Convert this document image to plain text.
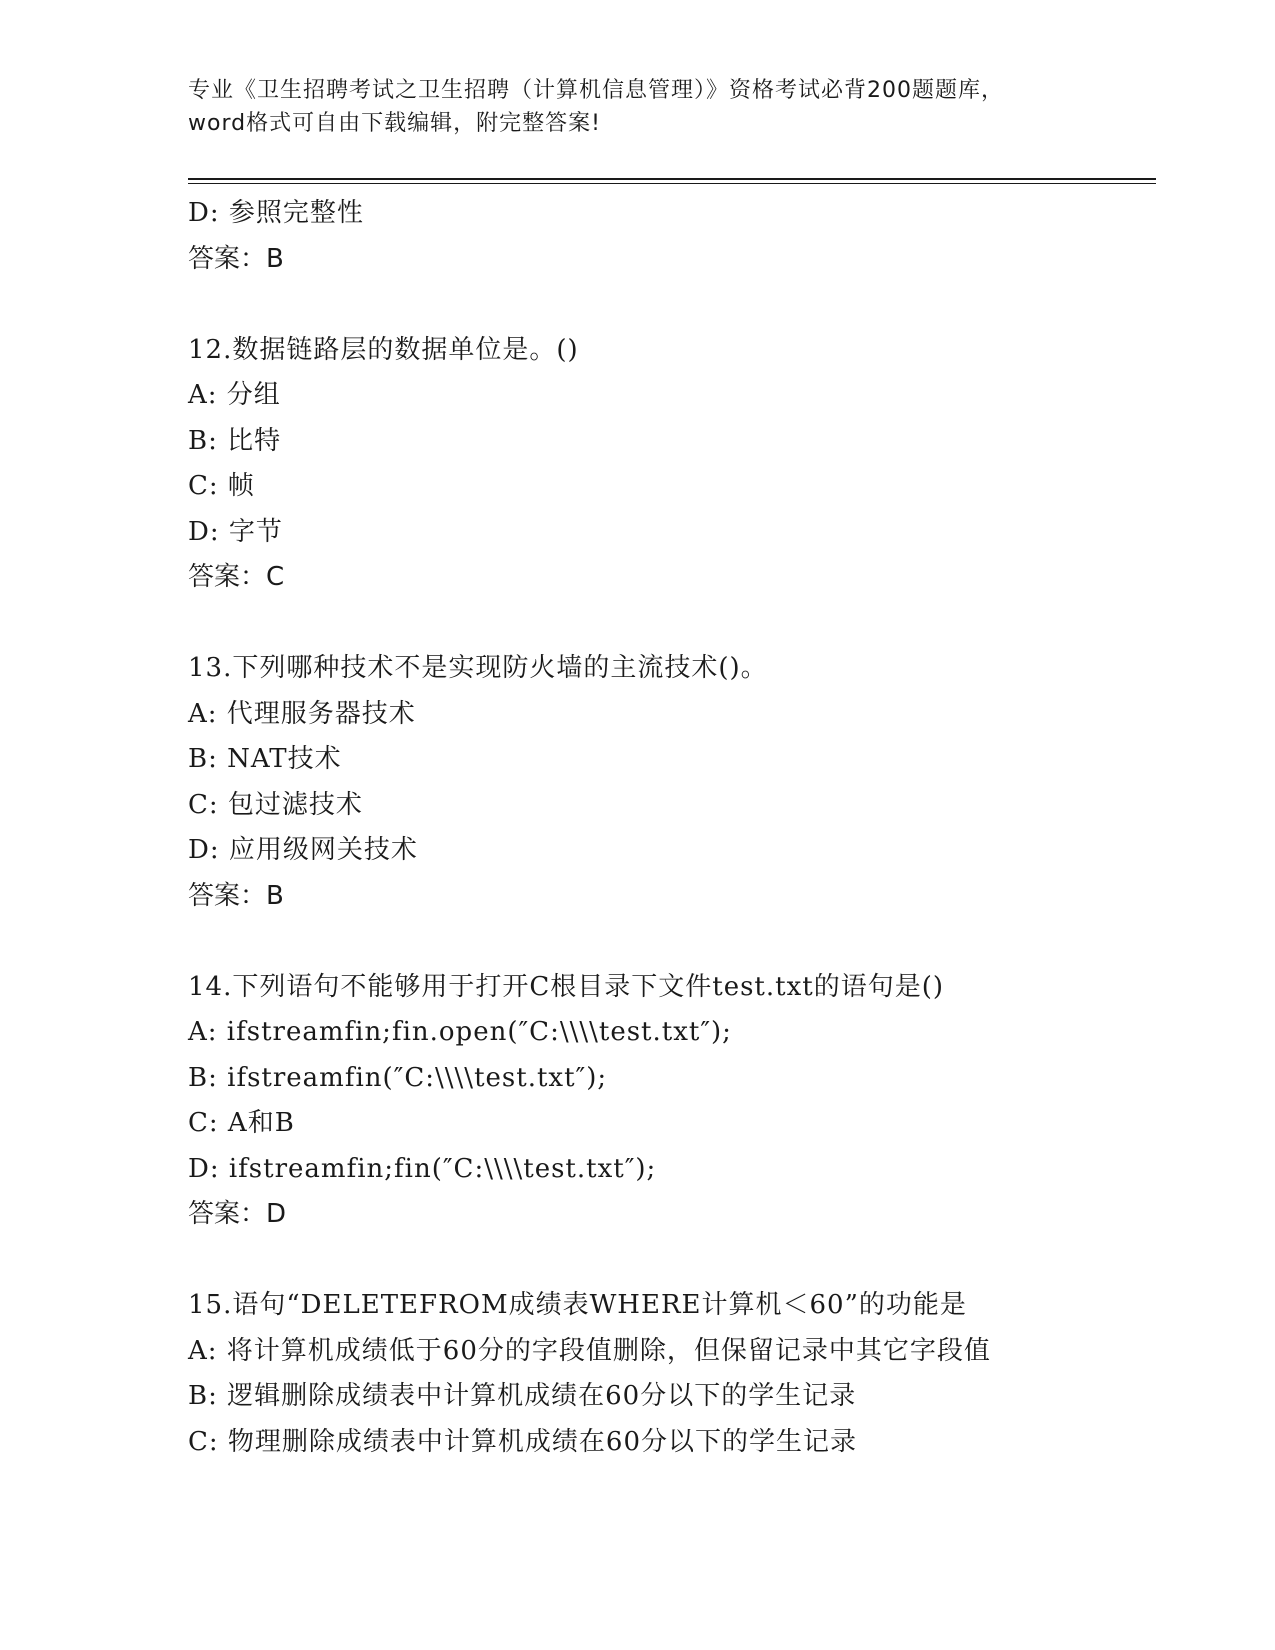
专业《卫生招聘考试之卫生招聘（计算机信息管理）》资格考试必背200题题库，
word格式可自由下载编辑，附完整答案!
D: 参照完整性
答案：B
12.数据链路层的数据单位是。()
A: 分组
B: 比特
C: 帧
D: 字节
答案：C
13.下列哪种技术不是实现防火墙的主流技术()。
A: 代理服务器技术
B: NAT技术
C: 包过滤技术
D: 应用级网关技术
答案：B
14.下列语句不能够用于打开C根目录下文件test.txt的语句是()
A: ifstreamfin;fin.open(″C:\\\\test.txt″);
B: ifstreamfin(″C:\\\\test.txt″);
C: A和B
D: ifstreamfin;fin(″C:\\\\test.txt″);
答案：D
15.语句“DELETEFROM成绩表WHERE计算机＜60”的功能是
A: 将计算机成绩低于60分的字段值删除，但保留记录中其它字段值
B: 逻辑删除成绩表中计算机成绩在60分以下的学生记录
C: 物理删除成绩表中计算机成绩在60分以下的学生记录
